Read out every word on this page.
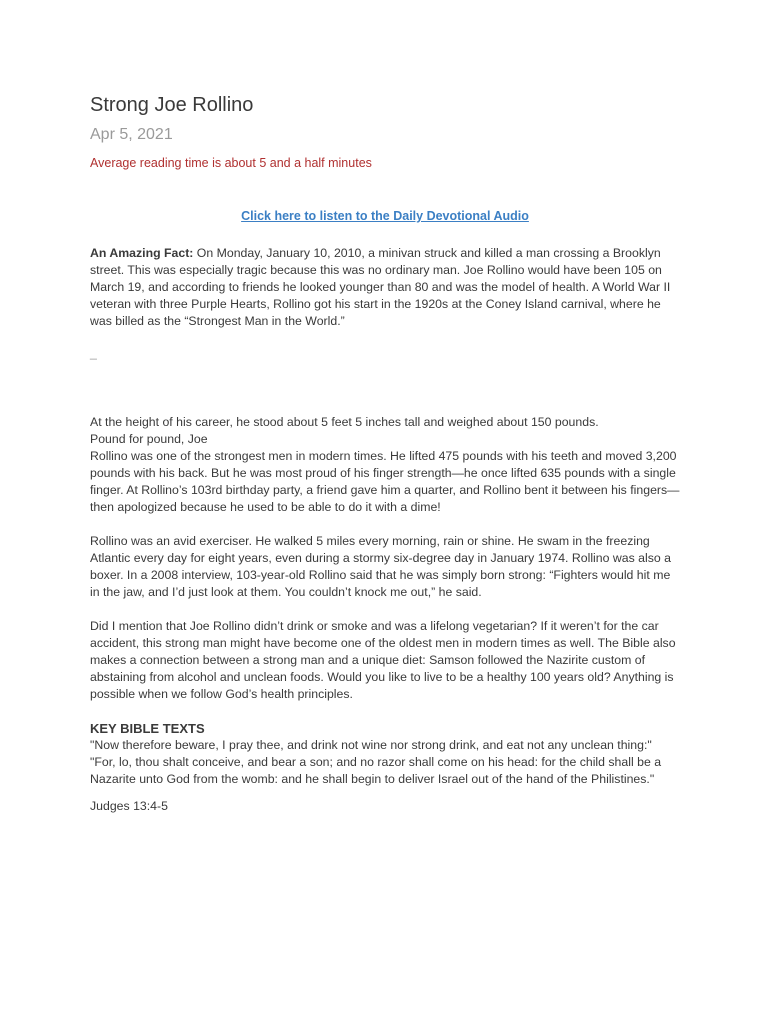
Strong Joe Rollino
Apr 5, 2021
Average reading time is about 5 and a half minutes
Click here to listen to the Daily Devotional Audio

An Amazing Fact: On Monday, January 10, 2010, a minivan struck and killed a man crossing a Brooklyn street. This was especially tragic because this was no ordinary man. Joe Rollino would have been 105 on March 19, and according to friends he looked younger than 80 and was the model of health. A World War II veteran with three Purple Hearts, Rollino got his start in the 1920s at the Coney Island carnival, where he was billed as the “Strongest Man in the World.”

_

At the height of his career, he stood about 5 feet 5 inches tall and weighed about 150 pounds.

Pound for pound, Joe

Rollino was one of the strongest men in modern times. He lifted 475 pounds with his teeth and moved 3,200 pounds with his back. But he was most proud of his finger strength—he once lifted 635 pounds with a single finger. At Rollino’s 103rd birthday party, a friend gave him a quarter, and Rollino bent it between his fingers—then apologized because he used to be able to do it with a dime!

Rollino was an avid exerciser. He walked 5 miles every morning, rain or shine. He swam in the freezing Atlantic every day for eight years, even during a stormy six-degree day in January 1974. Rollino was also a boxer. In a 2008 interview, 103-year-old Rollino said that he was simply born strong: “Fighters would hit me in the jaw, and I’d just look at them. You couldn’t knock me out,” he said.

Did I mention that Joe Rollino didn’t drink or smoke and was a lifelong vegetarian? If it weren’t for the car accident, this strong man might have become one of the oldest men in modern times as well. The Bible also makes a connection between a strong man and a unique diet: Samson followed the Nazirite custom of abstaining from alcohol and unclean foods. Would you like to live to be a healthy 100 years old? Anything is possible when we follow God’s health principles.

KEY BIBLE TEXTS

"Now therefore beware, I pray thee, and drink not wine nor strong drink, and eat not any unclean thing:"

"For, lo, thou shalt conceive, and bear a son; and no razor shall come on his head: for the child shall be a Nazarite unto God from the womb: and he shall begin to deliver Israel out of the hand of the Philistines."

Judges 13:4-5
